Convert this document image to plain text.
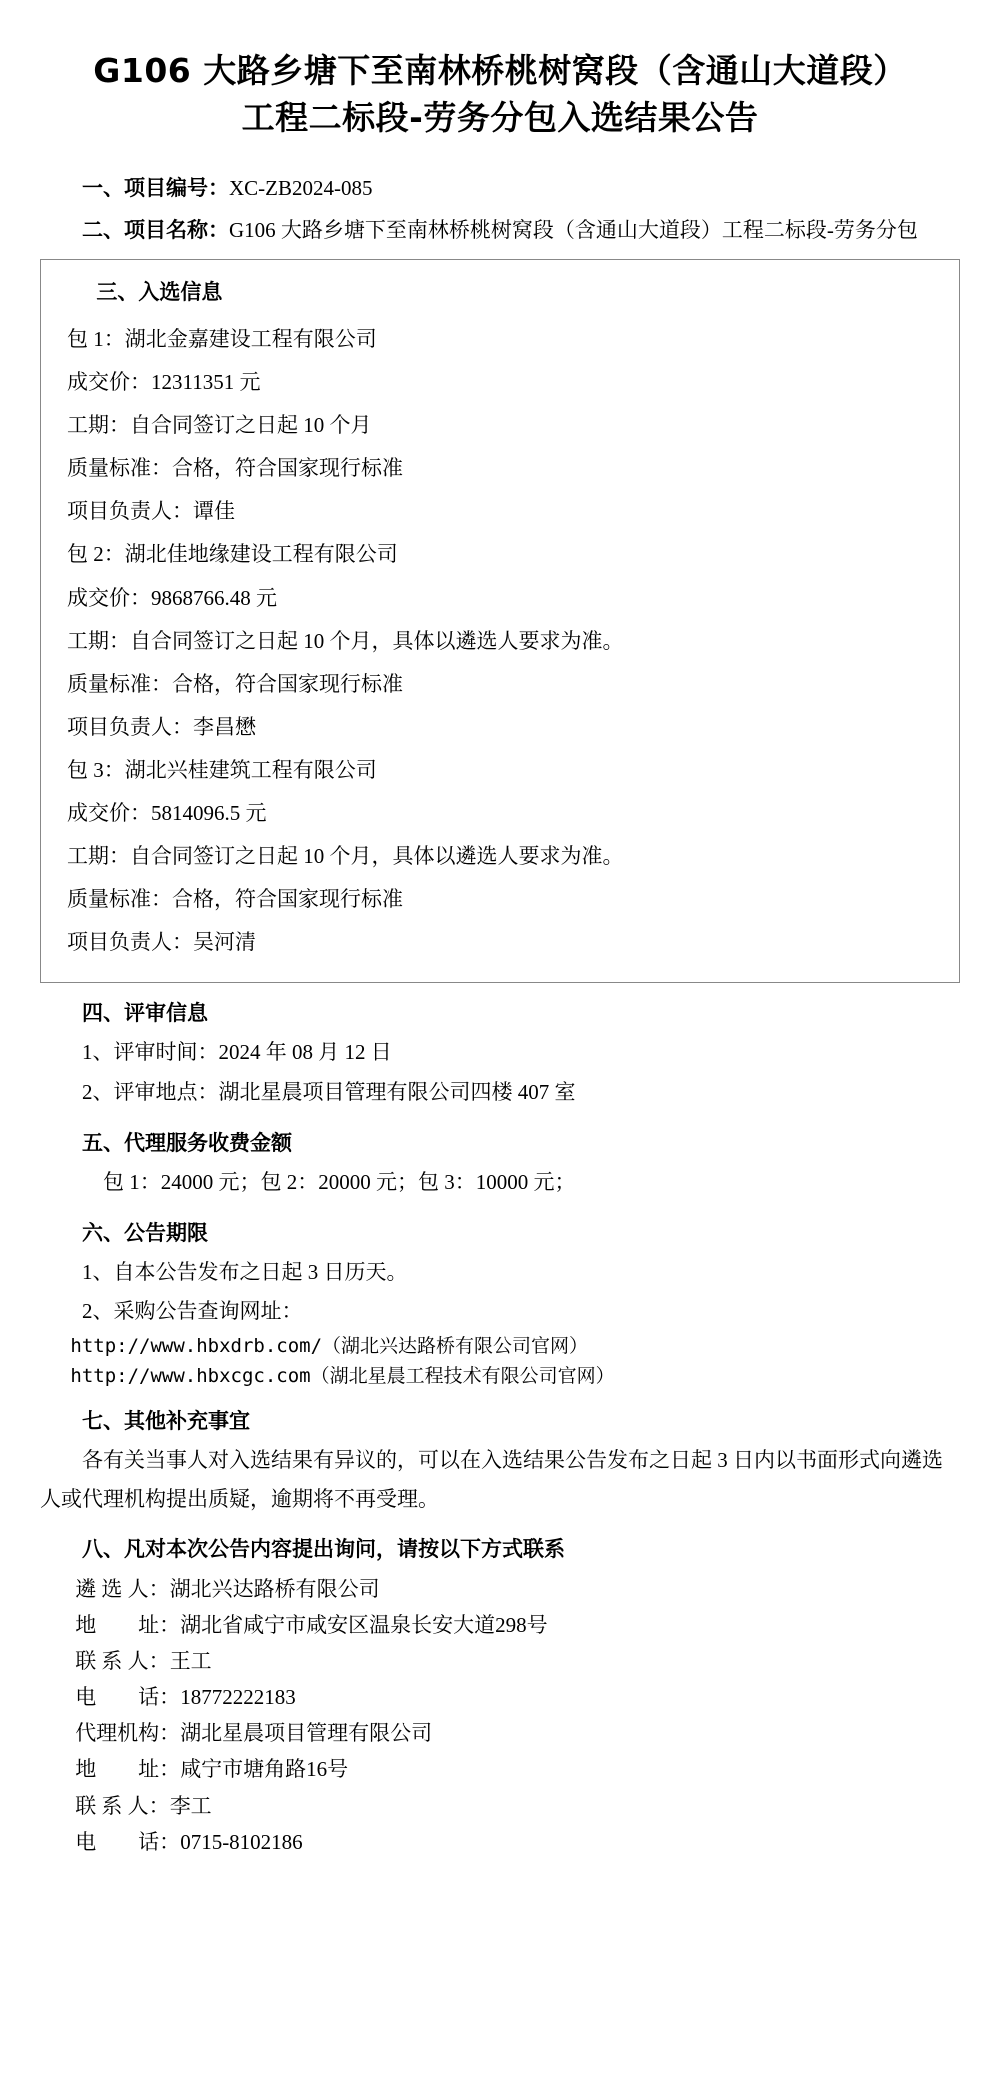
G106 大路乡塘下至南林桥桃树窝段（含通山大道段）
工程二标段-劳务分包入选结果公告

一、项目编号：XC-ZB2024-085

二、项目名称：G106 大路乡塘下至南林桥桃树窝段（含通山大道段）工程二标段-劳务分包

三、入选信息

包 1：湖北金嘉建设工程有限公司

成交价：12311351 元

工期：自合同签订之日起 10 个月

质量标准：合格，符合国家现行标准

项目负责人：谭佳

包 2：湖北佳地缘建设工程有限公司

成交价：9868766.48 元

工期：自合同签订之日起 10 个月，具体以遴选人要求为准。

质量标准：合格，符合国家现行标准

项目负责人：李昌懋

包 3：湖北兴桂建筑工程有限公司

成交价：5814096.5 元

工期：自合同签订之日起 10 个月，具体以遴选人要求为准。

质量标准：合格，符合国家现行标准

项目负责人：吴河清

四、评审信息

1、评审时间：2024 年 08 月 12 日

2、评审地点：湖北星晨项目管理有限公司四楼 407 室

五、代理服务收费金额

包 1：24000 元；包 2：20000 元；包 3：10000 元；

六、公告期限

1、自本公告发布之日起 3 日历天。

2、采购公告查询网址：

http://www.hbxdrb.com/（湖北兴达路桥有限公司官网）

http://www.hbxcgc.com（湖北星晨工程技术有限公司官网）

七、其他补充事宜

各有关当事人对入选结果有异议的，可以在入选结果公告发布之日起 3 日内以书面形式向遴选人或代理机构提出质疑，逾期将不再受理。

八、凡对本次公告内容提出询问，请按以下方式联系
遴 选 人：湖北兴达路桥有限公司
地　　址：湖北省咸宁市咸安区温泉长安大道298号
联 系 人：王工
电　　话：18772222183
代理机构：湖北星晨项目管理有限公司
地　　址：咸宁市塘角路16号
联 系 人：李工
电　　话：0715-8102186
